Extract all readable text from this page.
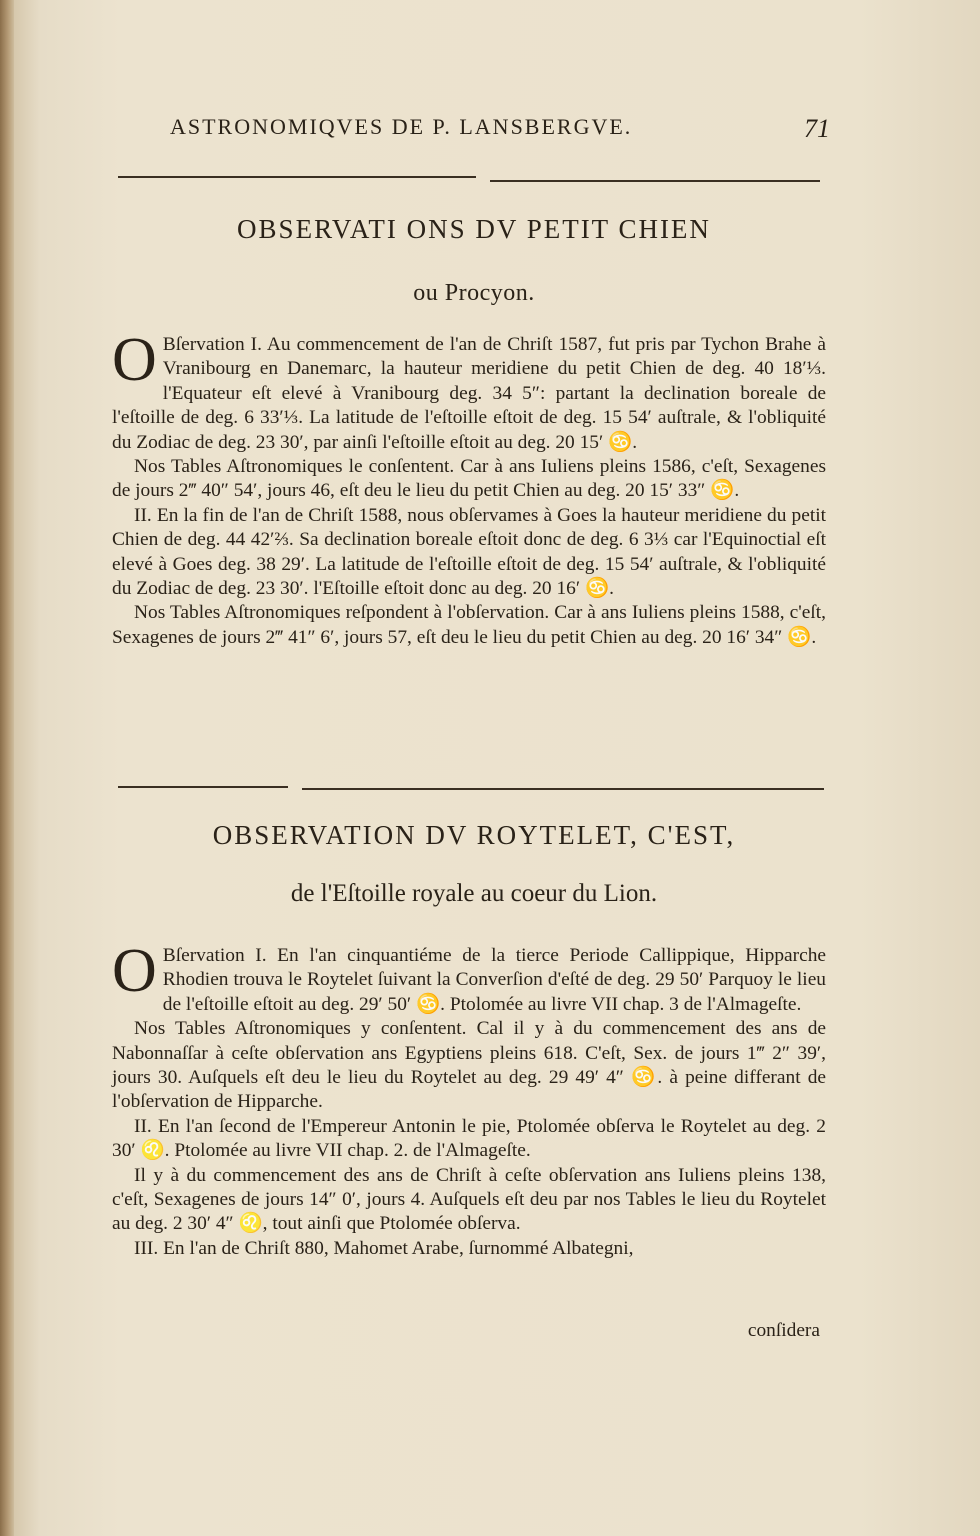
ASTRONOMIQVES DE P. LANSBERGVE.	71
OBSERVATI ONS DV PETIT CHIEN
ou Procyon.
O Bſervation I. Au commencement de l'an de Chriſt 1587, fut pris par Tychon Brahe à Vranibourg en Danemarc, la hauteur meridiene du petit Chien de deg. 40 18′⅓. l'Equateur eſt elevé à Vranibourg deg. 34 5″: partant la declination boreale de l'eſtoille de deg. 6 33′⅓. La latitude de l'eſtoille eſtoit de deg. 15 54′ auſtrale, & l'obliquité du Zodiac de deg. 23 30′, par ainſi l'eſtoille eſtoit au deg. 20 15′ ♋.

Nos Tables Aſtronomiques le conſentent. Car à ans Iuliens pleins 1586, c'eſt, Sexagenes de jours 2‴ 40″ 54′, jours 46, eſt deu le lieu du petit Chien au deg. 20 15′ 33″ ♋.

II. En la fin de l'an de Chriſt 1588, nous obſervames à Goes la hauteur meridiene du petit Chien de deg. 44 42′⅔. Sa declination boreale eſtoit donc de deg. 6 3⅓ car l'Equinoctial eſt elevé à Goes deg. 38 29′. La latitude de l'eſtoille eſtoit de deg. 15 54′ auſtrale, & l'obliquité du Zodiac de deg. 23 30′. l'Eſtoille eſtoit donc au deg. 20 16′ ♋.

Nos Tables Aſtronomiques reſpondent à l'obſervation. Car à ans Iuliens pleins 1588, c'eſt, Sexagenes de jours 2‴ 41″ 6′, jours 57, eſt deu le lieu du petit Chien au deg. 20 16′ 34″ ♋.

OBSERVATION DV ROYTELET, C'EST,
de l'Eſtoille royale au coeur du Lion.
O Bſervation I. En l'an cinquantiéme de la tierce Periode Callippique, Hipparche Rhodien trouva le Roytelet ſuivant la Converſion d'eſté de deg. 29 50′ Parquoy le lieu de l'eſtoille eſtoit au deg. 29′ 50′ ♋. Ptolomée au livre VII chap. 3 de l'Almageſte.

Nos Tables Aſtronomiques y conſentent. Cal il y à du commencement des ans de Nabonnaſſar à ceſte obſervation ans Egyptiens pleins 618. C'eſt, Sex. de jours 1‴ 2″ 39′, jours 30. Auſquels eſt deu le lieu du Roytelet au deg. 29 49′ 4″ ♋. à peine differant de l'obſervation de Hipparche.

II. En l'an ſecond de l'Empereur Antonin le pie, Ptolomée obſerva le Roytelet au deg. 2 30′ ♌. Ptolomée au livre VII chap. 2. de l'Almageſte.

Il y à du commencement des ans de Chriſt à ceſte obſervation ans Iuliens pleins 138, c'eſt, Sexagenes de jours 14″ 0′, jours 4. Auſquels eſt deu par nos Tables le lieu du Roytelet au deg. 2 30′ 4″ ♌, tout ainſi que Ptolomée obſerva.

III. En l'an de Chriſt 880, Mahomet Arabe, ſurnommé Albategni,

conſidera
